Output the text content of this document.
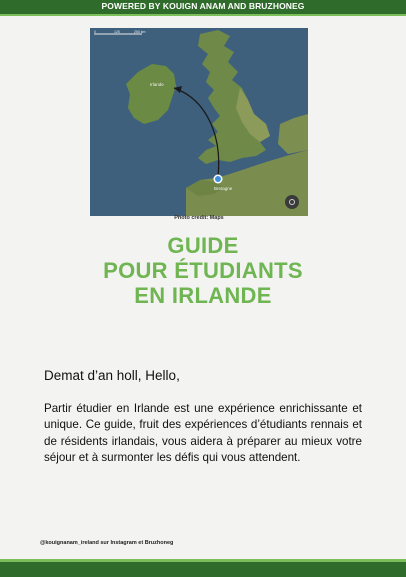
POWERED BY KOUIGN ANAM AND BRUZHONEG
0	125	250 km
Irlande
Bretagne
Photo credit: Maps
GUIDE
POUR ÉTUDIANTS
EN IRLANDE
Demat d’an holl, Hello,
Partir étudier en Irlande est une expérience enrichissante et unique. Ce guide, fruit des expériences d’étudiants rennais et de résidents irlandais, vous aidera à préparer au mieux votre séjour et à surmonter les défis qui vous attendent.
@kouignanam_ireland sur Instagram et Bruzhoneg
